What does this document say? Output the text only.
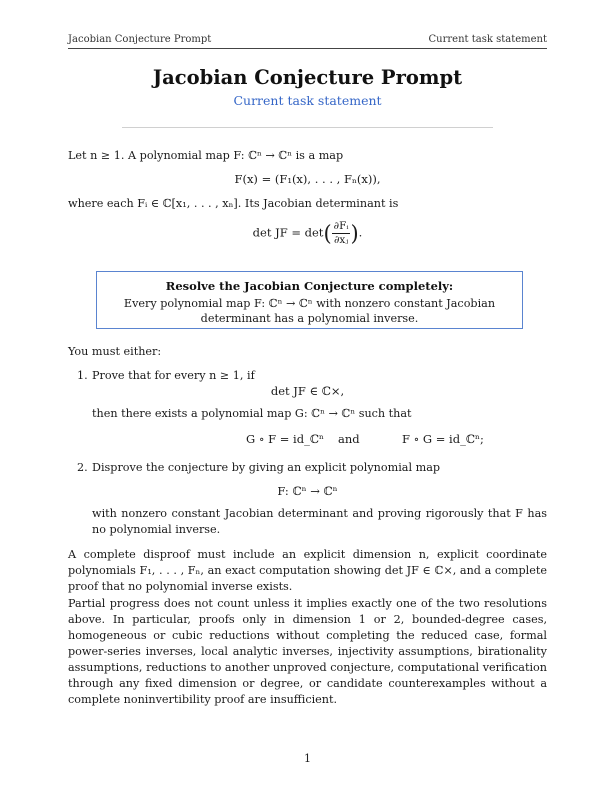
Jacobian Conjecture Prompt	Current task statement
Jacobian Conjecture Prompt
Current task statement
Let n ≥ 1. A polynomial map F: ℂⁿ → ℂⁿ is a map
F(x) = (F₁(x), . . . , Fₙ(x)),
where each Fᵢ ∈ ℂ[x₁, . . . , xₙ]. Its Jacobian determinant is
det JF = $\det( \frac{\text{∂Fᵢ}}{\text{∂xⱼ}}$ ).
Resolve the Jacobian Conjecture completely:
Every polynomial map F: ℂⁿ → ℂⁿ with nonzero constant Jacobian determinant has a polynomial inverse.
You must either:
1. Prove that for every n ≥ 1, if
det JF ∈ ℂ×,
then there exists a polynomial map G: ℂⁿ → ℂⁿ such that
G ∘ F = id_ℂⁿ and	F ∘ G = id_ℂⁿ;
2. Disprove the conjecture by giving an explicit polynomial map
F: ℂⁿ → ℂⁿ
with nonzero constant Jacobian determinant and proving rigorously that F has no polynomial inverse.
A complete disproof must include an explicit dimension n, explicit coordinate polynomials F₁, . . . , Fₙ, an exact computation showing det JF ∈ ℂ×, and a complete proof that no polynomial inverse exists.
Partial progress does not count unless it implies exactly one of the two resolutions above. In particular, proofs only in dimension 1 or 2, bounded-degree cases, homogeneous or cubic reductions without completing the reduced case, formal power-series inverses, local analytic inverses, injectivity assumptions, birationality assumptions, reductions to another unproved conjecture, computational verification through any fixed dimension or degree, or candidate counterexamples without a complete noninvertibility proof are insufficient.
1
